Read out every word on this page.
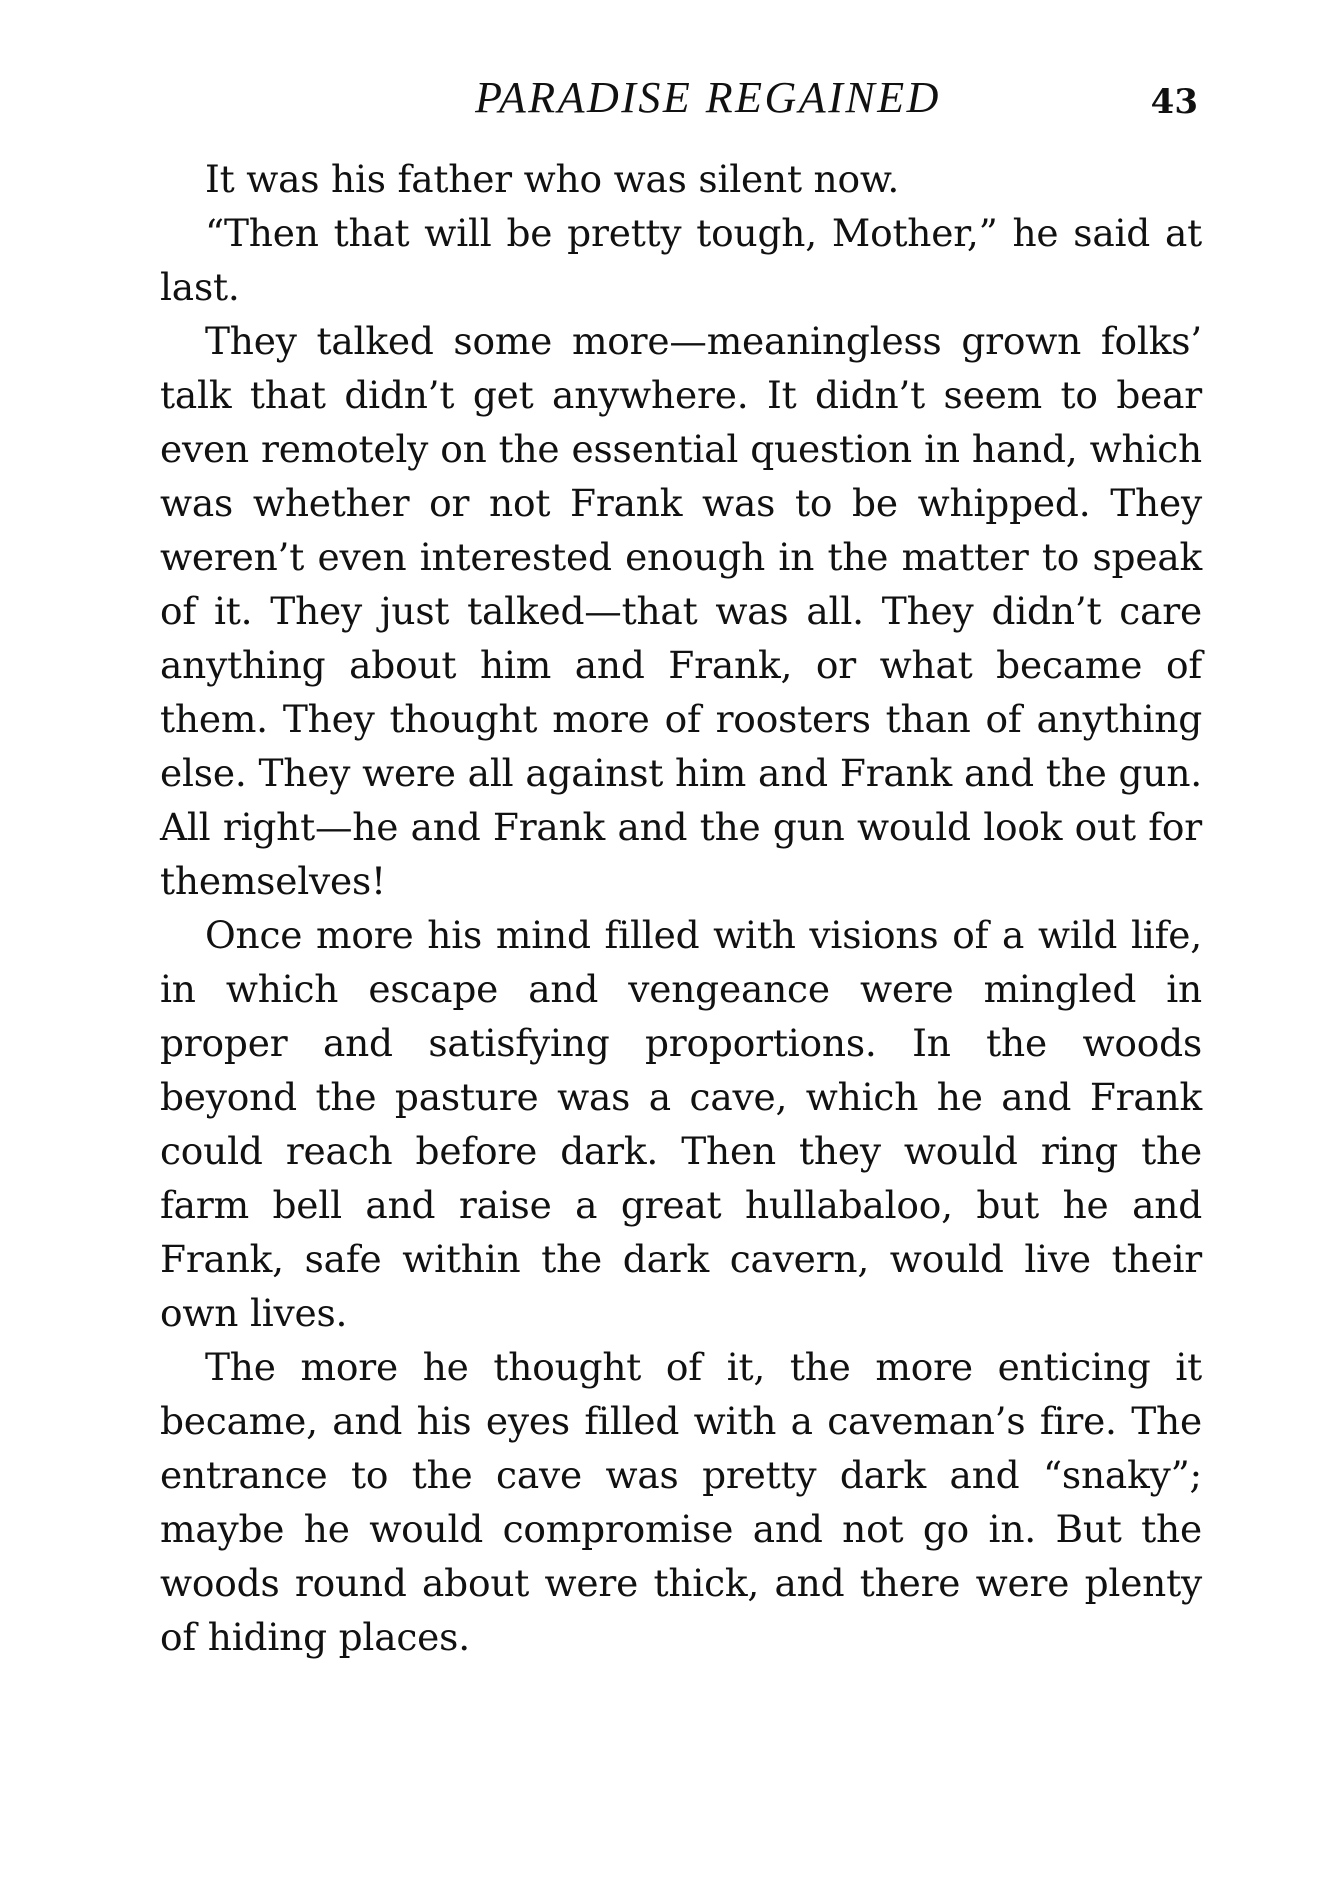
PARADISE REGAINED	43

It was his father who was silent now.

“Then that will be pretty tough, Mother,” he said at last.

They talked some more—meaningless grown folks’ talk that didn’t get anywhere. It didn’t seem to bear even remotely on the essential question in hand, which was whether or not Frank was to be whipped. They weren’t even interested enough in the matter to speak of it. They just talked—that was all. They didn’t care anything about him and Frank, or what became of them. They thought more of roosters than of anything else. They were all against him and Frank and the gun. All right—he and Frank and the gun would look out for themselves!

Once more his mind filled with visions of a wild life, in which escape and vengeance were mingled in proper and satisfying proportions. In the woods beyond the pasture was a cave, which he and Frank could reach before dark. Then they would ring the farm bell and raise a great hullabaloo, but he and Frank, safe within the dark cavern, would live their own lives.

The more he thought of it, the more enticing it became, and his eyes filled with a caveman’s fire. The entrance to the cave was pretty dark and “snaky”; maybe he would compromise and not go in. But the woods round about were thick, and there were plenty of hiding places.
